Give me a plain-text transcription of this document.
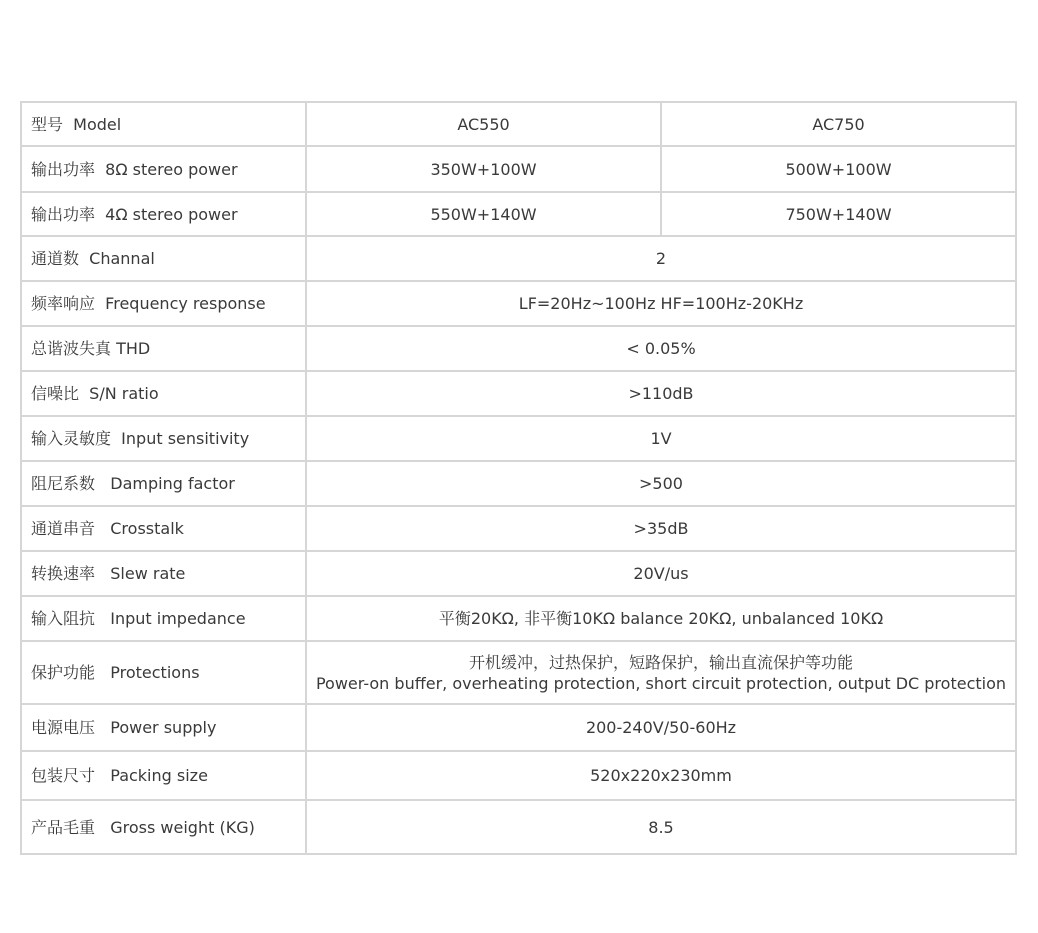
型号  Model	AC550	AC750
输出功率  8Ω stereo power	350W+100W	500W+100W
输出功率  4Ω stereo power	550W+140W	750W+140W
通道数  Channal	2	
频率响应  Frequency response	LF=20Hz~100Hz HF=100Hz-20KHz	
总谐波失真 THD	< 0.05%	
信噪比  S/N ratio	>110dB	
输入灵敏度  Input sensitivity	1V	
阻尼系数   Damping factor	>500	
通道串音   Crosstalk	>35dB	
转换速率   Slew rate	20V/us	
输入阻抗   Input impedance	平衡20KΩ, 非平衡10KΩ balance 20KΩ, unbalanced 10KΩ	
保护功能   Protections	开机缓冲，过热保护，短路保护，输出直流保护等功能
Power-on buffer, overheating protection, short circuit protection, output DC protection	

电源电压   Power supply	200-240V/50-60Hz	
包装尺寸   Packing size	520x220x230mm	
产品毛重   Gross weight (KG)	8.5	
